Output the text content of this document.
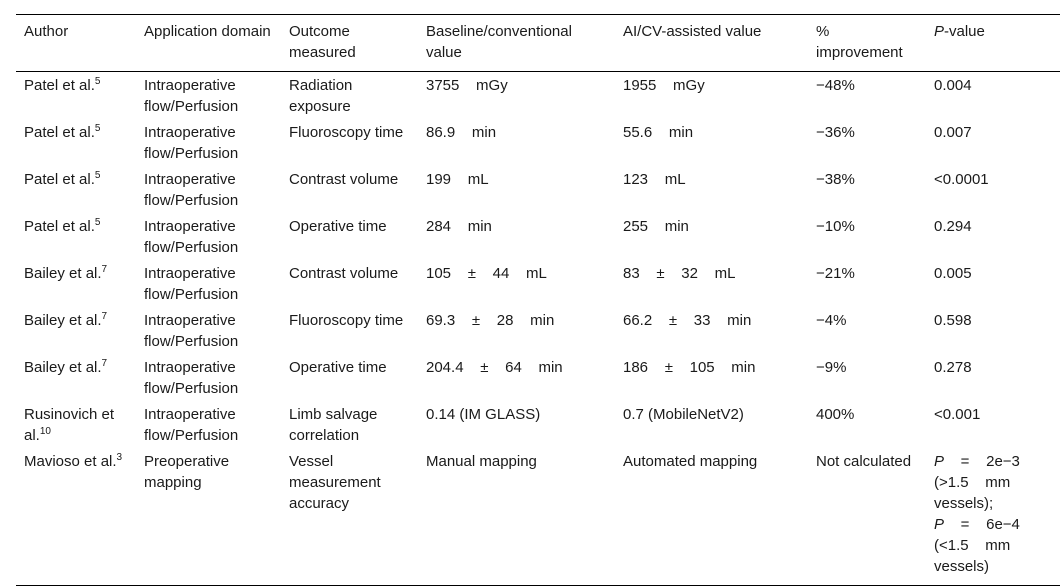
Author	Application domain	Outcome measured	Baseline/conventional value	AI/CV-assisted value	% improvement	P-value
Patel et al.$^5$	Intraoperative flow/Perfusion	Radiation exposure	3755    mGy	1955    mGy	−48%	0.004
Patel et al.$^5$	Intraoperative flow/Perfusion	Fluoroscopy time	86.9    min	55.6    min	−36%	0.007
Patel et al.$^5$	Intraoperative flow/Perfusion	Contrast volume	199    mL	123    mL	−38%	<0.0001
Patel et al.$^5$	Intraoperative flow/Perfusion	Operative time	284    min	255    min	−10%	0.294
Bailey et al.$^7$	Intraoperative flow/Perfusion	Contrast volume	105    ±    44    mL	83    ±    32    mL	−21%	0.005
Bailey et al.$^7$	Intraoperative flow/Perfusion	Fluoroscopy time	69.3    ±    28    min	66.2    ±    33    min	−4%	0.598
Bailey et al.$^7$	Intraoperative flow/Perfusion	Operative time	204.4    ±    64    min	186    ±    105    min	−9%	0.278
Rusinovich et al.$^{10}$	Intraoperative flow/Perfusion	Limb salvage correlation	0.14 (IM GLASS)	0.7 (MobileNetV2)	400%	<0.001
Mavioso et al.$^3$	Preoperative mapping	Vessel measurement accuracy	Manual mapping	Automated mapping	Not calculated	P    =    2e−3 (>1.5    mm vessels);
P    =    6e−4 (<1.5    mm vessels)
